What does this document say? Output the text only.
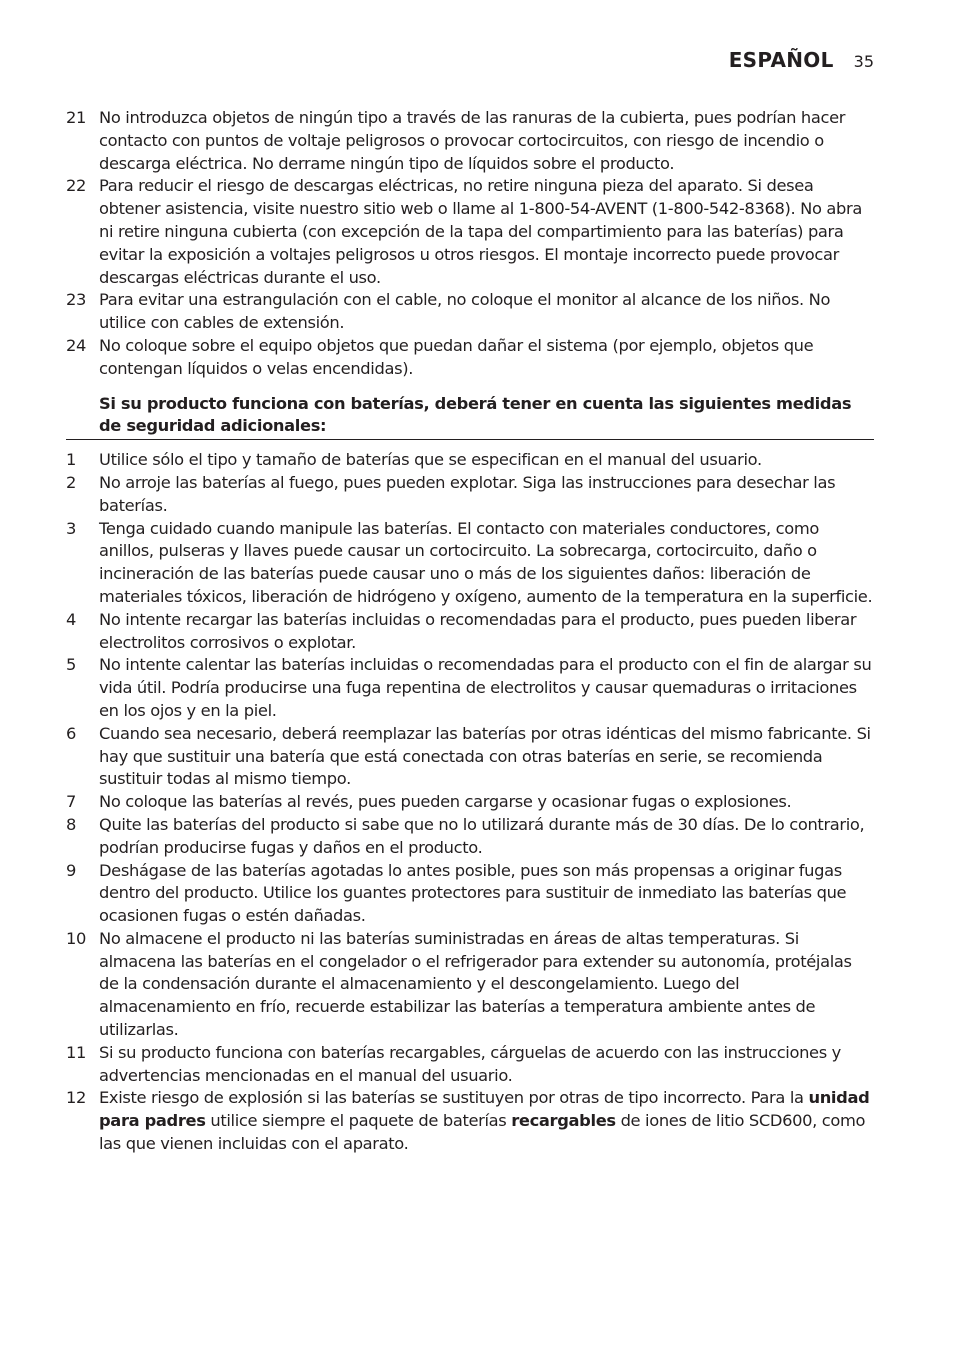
ESPAÑOL 35
21 No introduzca objetos de ningún tipo a través de las ranuras de la cubierta, pues podrían hacer contacto con puntos de voltaje peligrosos o provocar cortocircuitos, con riesgo de incendio o descarga eléctrica. No derrame ningún tipo de líquidos sobre el producto.
22 Para reducir el riesgo de descargas eléctricas, no retire ninguna pieza del aparato. Si desea obtener asistencia, visite nuestro sitio web o llame al 1-800-54-AVENT (1-800-542-8368). No abra ni retire ninguna cubierta (con excepción de la tapa del compartimiento para las baterías) para evitar la exposición a voltajes peligrosos u otros riesgos. El montaje incorrecto puede provocar descargas eléctricas durante el uso.
23 Para evitar una estrangulación con el cable, no coloque el monitor al alcance de los niños. No utilice con cables de extensión.
24 No coloque sobre el equipo objetos que puedan dañar el sistema (por ejemplo, objetos que contengan líquidos o velas encendidas).
Si su producto funciona con baterías, deberá tener en cuenta las siguientes medidas de seguridad adicionales:
1	Utilice sólo el tipo y tamaño de baterías que se especifican en el manual del usuario.
2	No arroje las baterías al fuego, pues pueden explotar. Siga las instrucciones para desechar las baterías.
3	Tenga cuidado cuando manipule las baterías. El contacto con materiales conductores, como anillos, pulseras y llaves puede causar un cortocircuito. La sobrecarga, cortocircuito, daño o incineración de las baterías puede causar uno o más de los siguientes daños: liberación de materiales tóxicos, liberación de hidrógeno y oxígeno, aumento de la temperatura en la superficie.
4	No intente recargar las baterías incluidas o recomendadas para el producto, pues pueden liberar electrolitos corrosivos o explotar.
5	No intente calentar las baterías incluidas o recomendadas para el producto con el fin de alargar su vida útil. Podría producirse una fuga repentina de electrolitos y causar quemaduras o irritaciones en los ojos y en la piel.
6	Cuando sea necesario, deberá reemplazar las baterías por otras idénticas del mismo fabricante. Si hay que sustituir una batería que está conectada con otras baterías en serie, se recomienda sustituir todas al mismo tiempo.
7	No coloque las baterías al revés, pues pueden cargarse y ocasionar fugas o explosiones.
8	Quite las baterías del producto si sabe que no lo utilizará durante más de 30 días. De lo contrario, podrían producirse fugas y daños en el producto.
9	Deshágase de las baterías agotadas lo antes posible, pues son más propensas a originar fugas dentro del producto. Utilice los guantes protectores para sustituir de inmediato las baterías que ocasionen fugas o estén dañadas.
10 No almacene el producto ni las baterías suministradas en áreas de altas temperaturas. Si almacena las baterías en el congelador o el refrigerador para extender su autonomía, protéjalas de la condensación durante el almacenamiento y el descongelamiento. Luego del almacenamiento en frío, recuerde estabilizar las baterías a temperatura ambiente antes de utilizarlas.
11 Si su producto funciona con baterías recargables, cárguelas de acuerdo con las instrucciones y advertencias mencionadas en el manual del usuario.
12 Existe riesgo de explosión si las baterías se sustituyen por otras de tipo incorrecto. Para la unidad para padres utilice siempre el paquete de baterías recargables de iones de litio SCD600, como las que vienen incluidas con el aparato.
